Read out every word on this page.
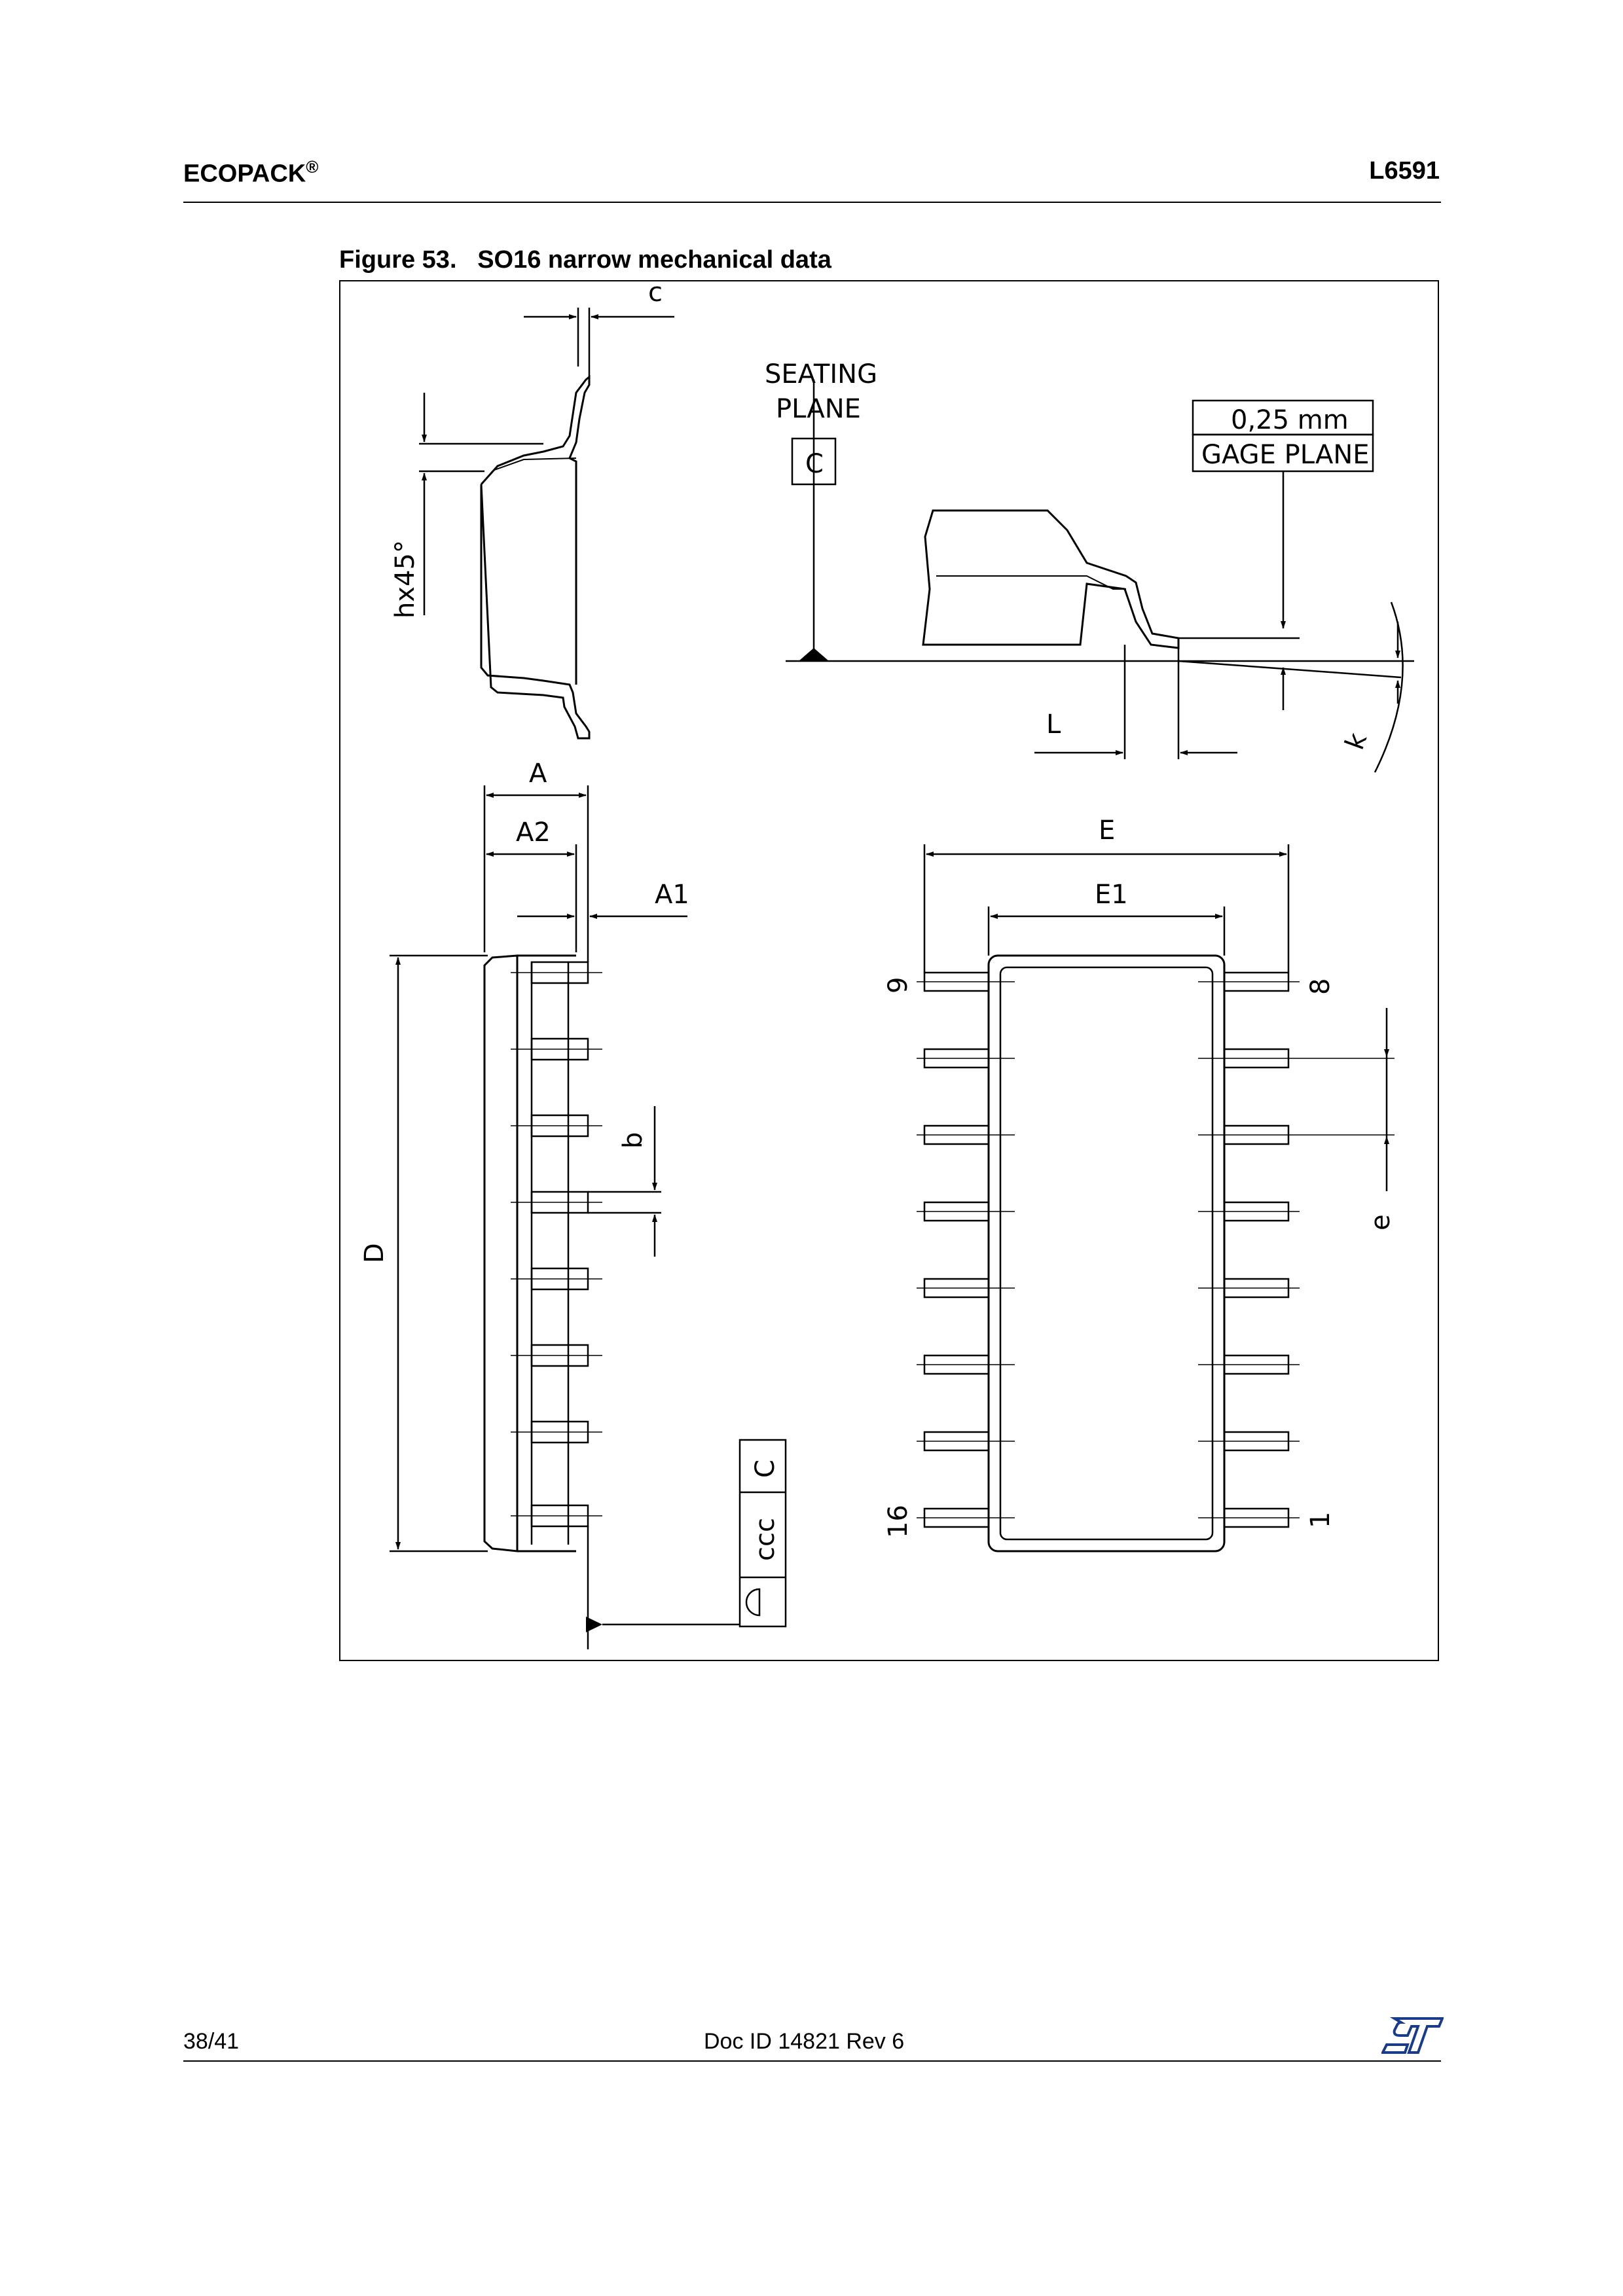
ECOPACK®	L6591
Figure 53. SO16 narrow mechanical data
c
hx45°
SEATING
PLANE
C
0,25 mm
GAGE PLANE
L
k
A
A2
A1
b
D
ccc
C
E
E1
e
9	8
16	1
38/41	Doc ID 14821 Rev 6
